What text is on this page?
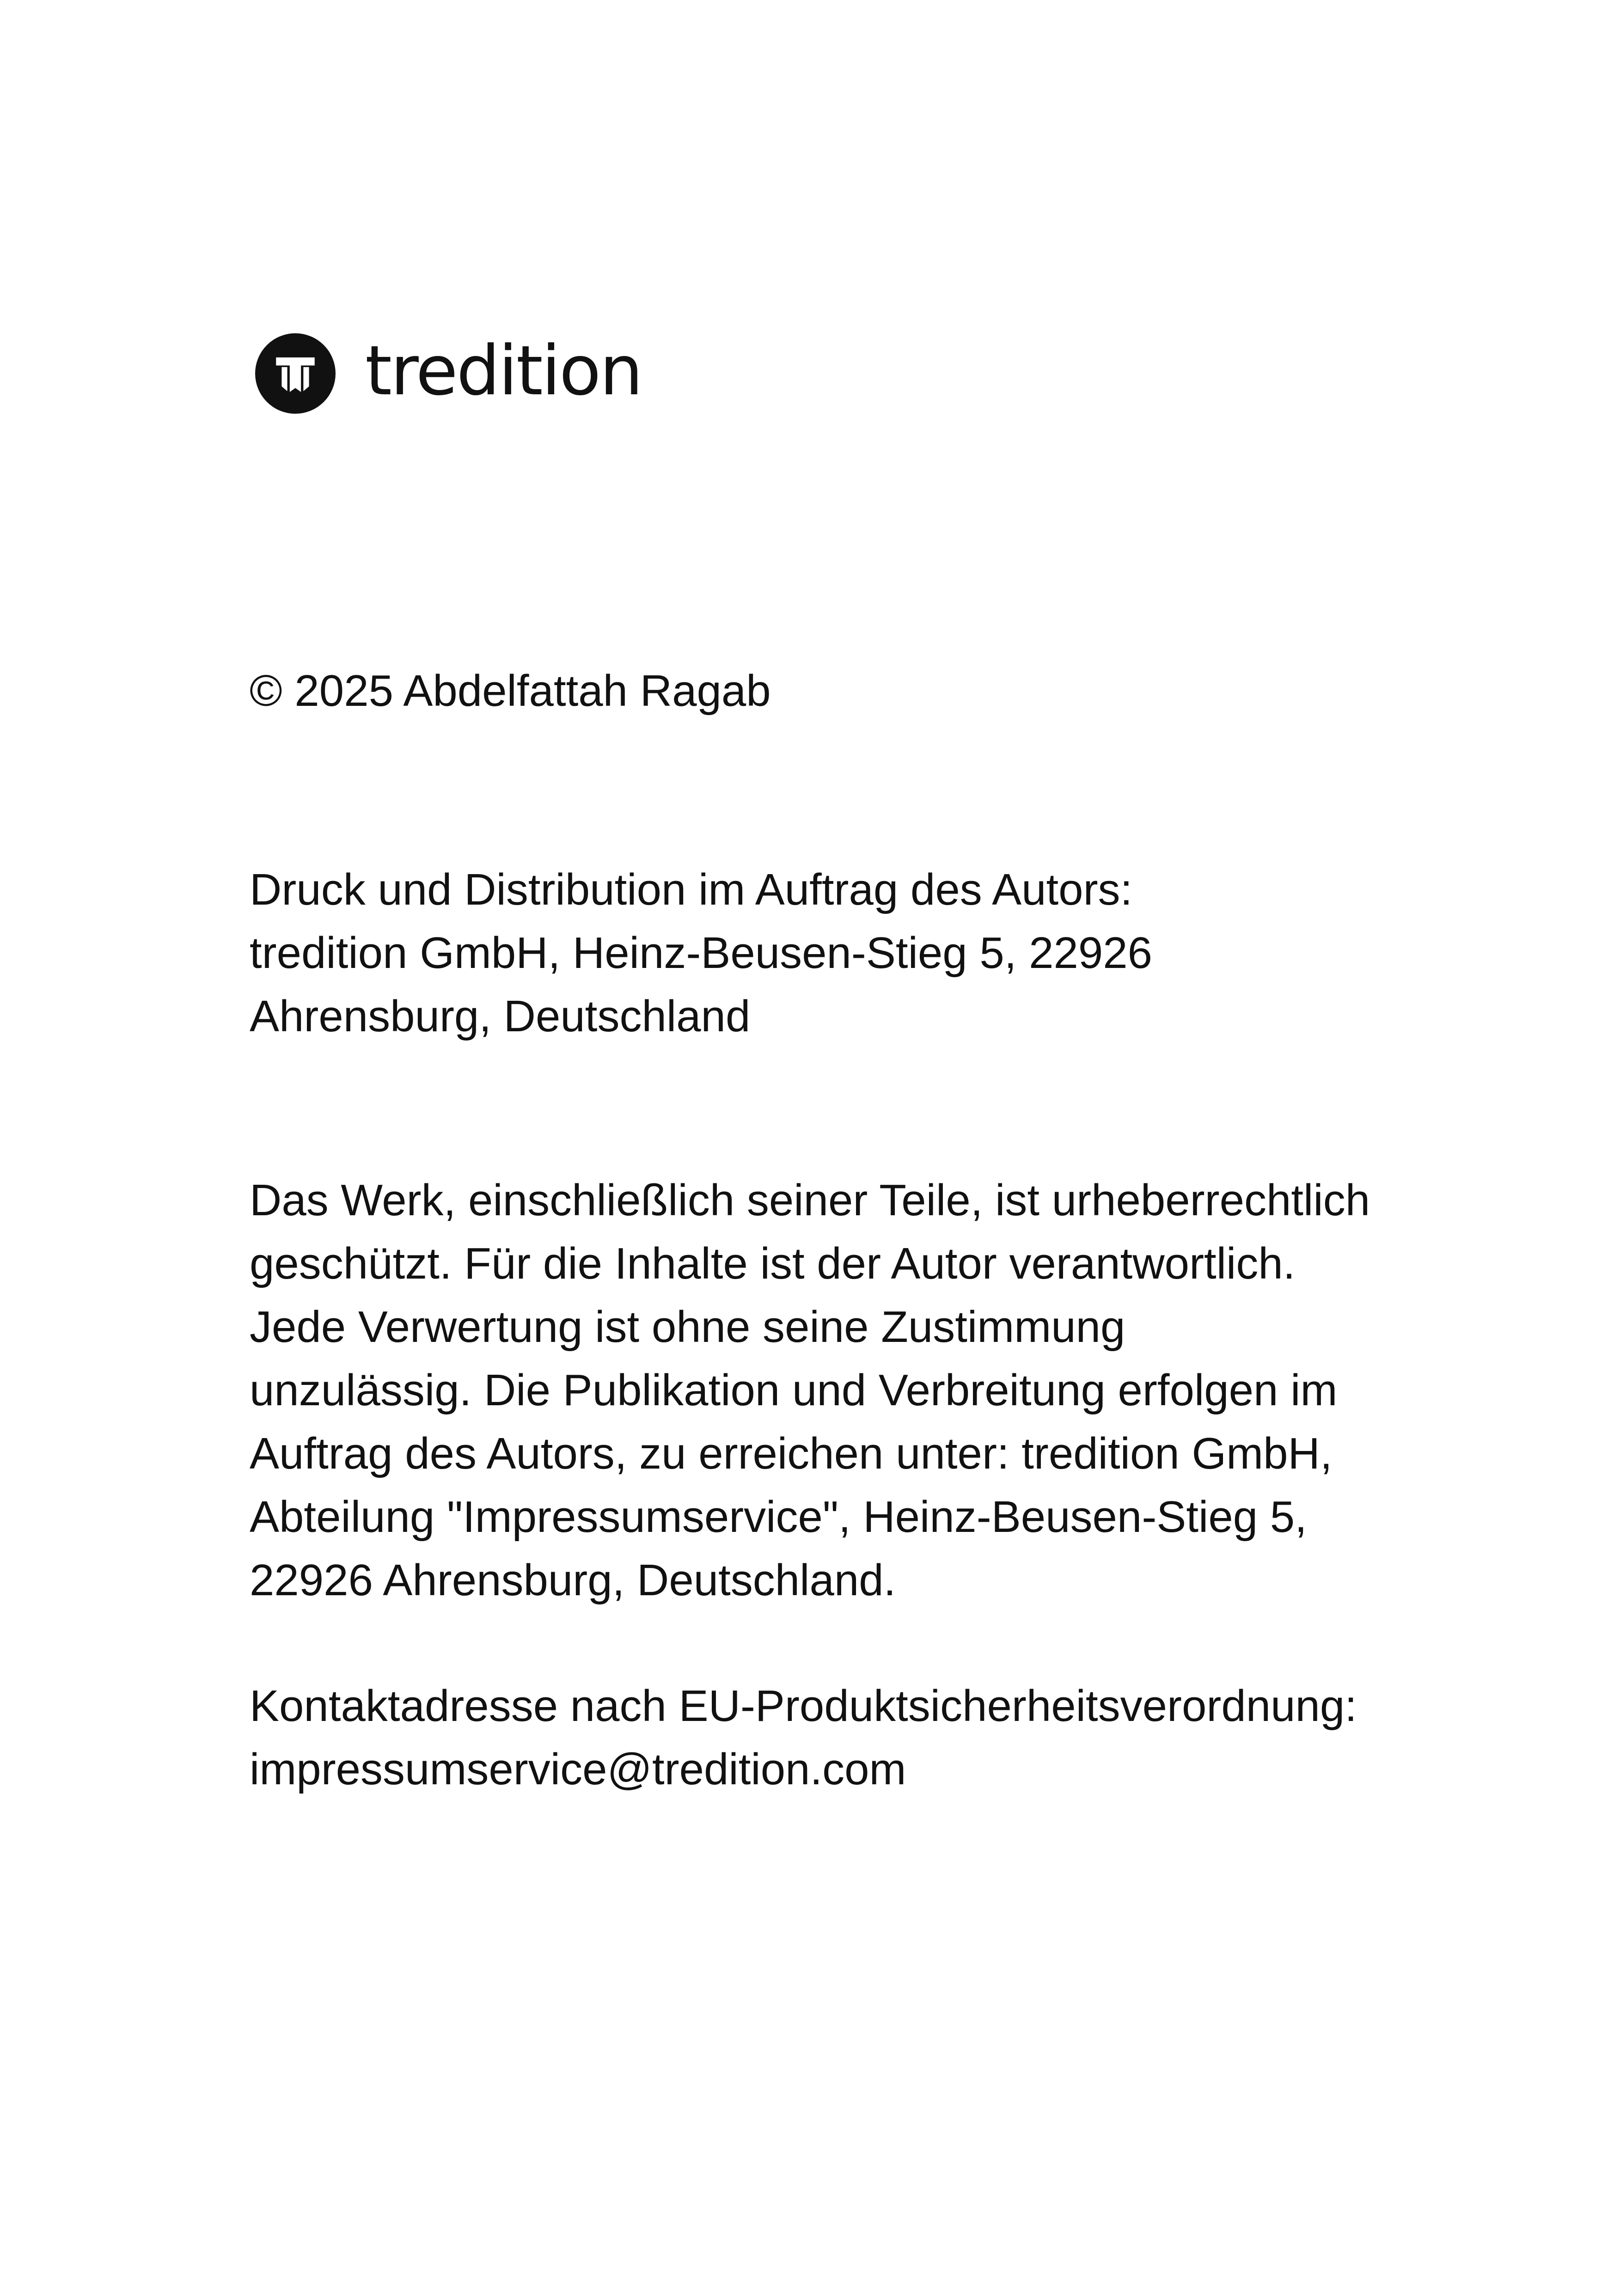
tredition
© 2025 Abdelfattah Ragab
Druck und Distribution im Auftrag des Autors:
tredition GmbH, Heinz-Beusen-Stieg 5, 22926
Ahrensburg, Deutschland
Das Werk, einschließlich seiner Teile, ist urheberrechtlich
geschützt. Für die Inhalte ist der Autor verantwortlich.
Jede Verwertung ist ohne seine Zustimmung
unzulässig. Die Publikation und Verbreitung erfolgen im
Auftrag des Autors, zu erreichen unter: tredition GmbH,
Abteilung "Impressumservice", Heinz-Beusen-Stieg 5,
22926 Ahrensburg, Deutschland.
Kontaktadresse nach EU-Produktsicherheitsverordnung:
impressumservice@tredition.com
